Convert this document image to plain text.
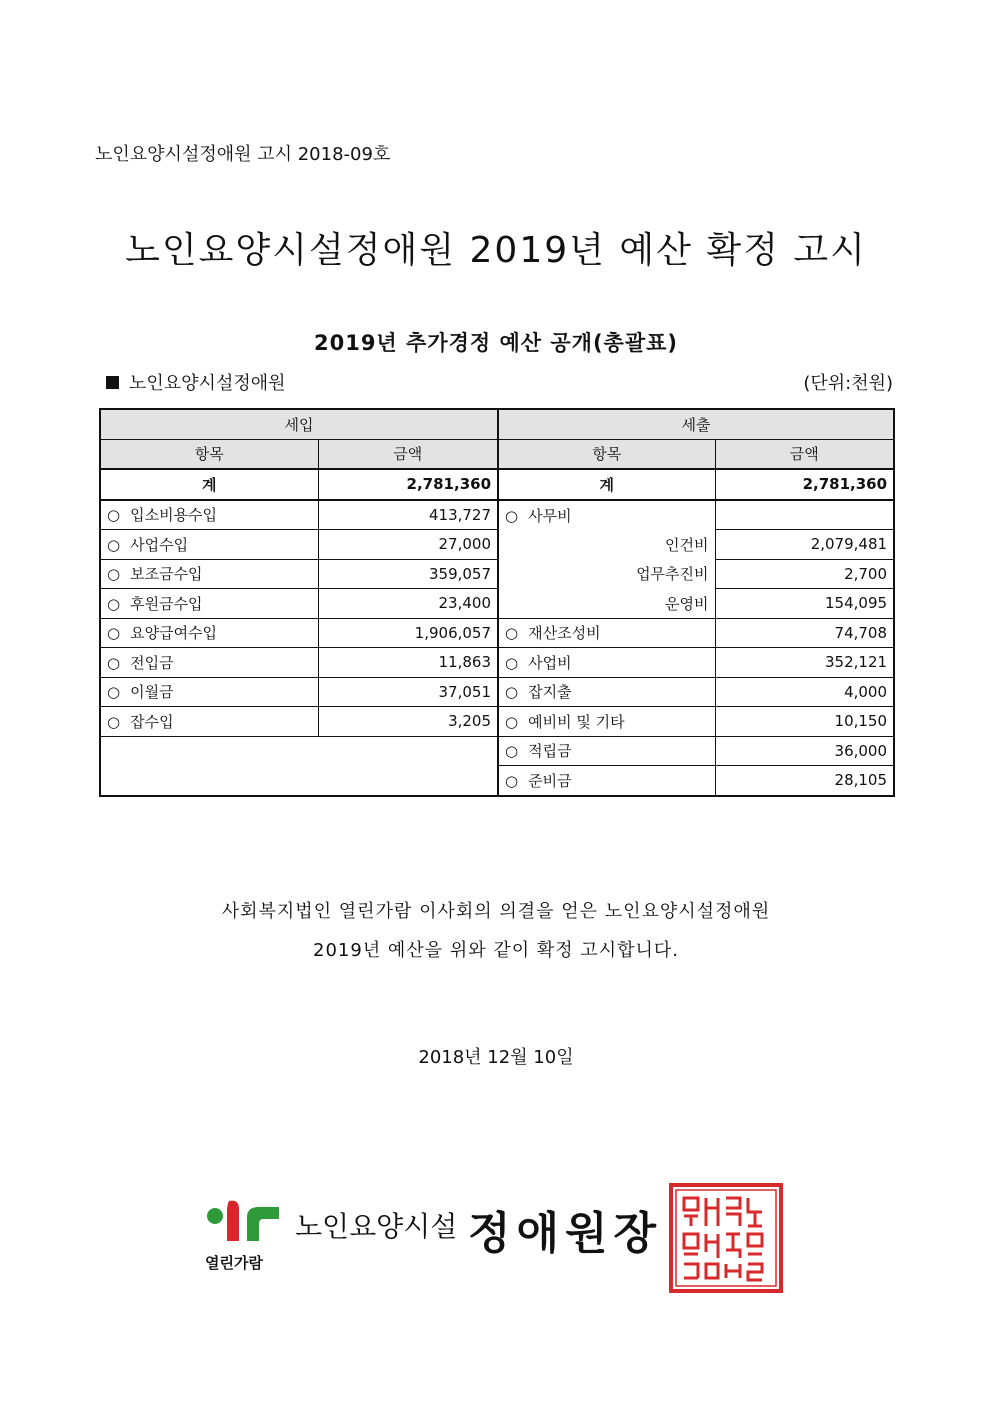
노인요양시설정애원 고시 2018-09호
노인요양시설정애원 2019년 예산 확정 고시
2019년 추가경정 예산 공개(총괄표)
노인요양시설정애원	(단위:천원)
세입		세출	
항목	금액	항목	금액
계	2,781,360	계	2,781,360
○ 입소비용수입	413,727	○ 사무비	
○ 사업수입	27,000	인건비	2,079,481
○ 보조금수입	359,057	업무추진비	2,700
○ 후원금수입	23,400	운영비	154,095
○ 요양급여수입	1,906,057	○ 재산조성비	74,708
○ 전입금	11,863	○ 사업비	352,121
○ 이월금	37,051	○ 잡지출	4,000
○ 잡수입	3,205	○ 예비비 및 기타	10,150
		○ 적립금	36,000
		○ 준비금	28,105
사회복지법인 열린가람 이사회의 의결을 얻은 노인요양시설정애원
2019년 예산을 위와 같이 확정 고시합니다.
2018년 12월 10일
열린가람
노인요양시설 정애원장
